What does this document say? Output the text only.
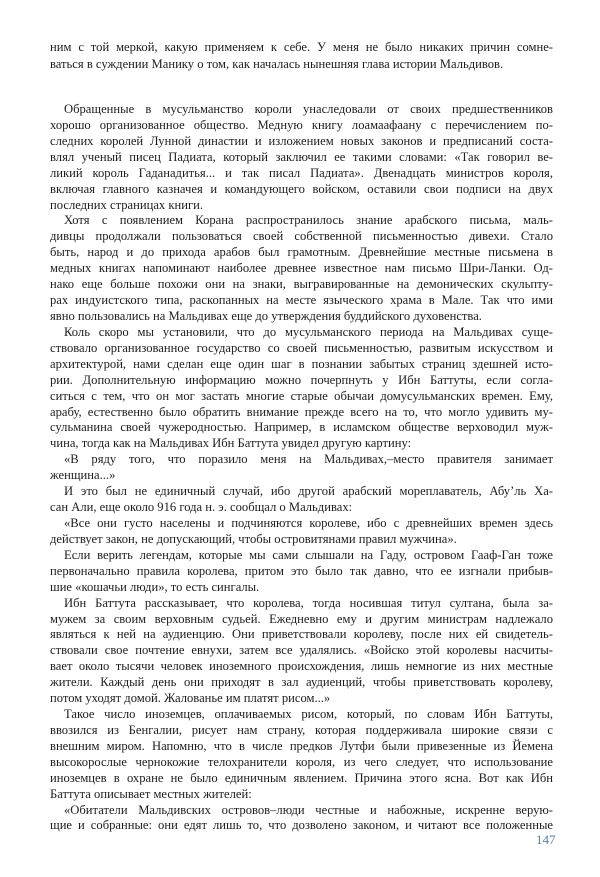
ним с той меркой, какую применяем к себе. У меня не было никаких причин сомне-
ваться в суждении Манику о том, как началась нынешняя глава истории Мальдивов.
Обращенные в мусульманство короли унаследовали от своих предшественников
хорошо организованное общество. Медную книгу лоамаафаану с перечислением по-
следних королей Лунной династии и изложением новых законов и предписаний соста-
влял ученый писец Падиата, который заключил ее такими словами: «Так говорил ве-
ликий король Гаданадитья... и так писал Падиата». Двенадцать министров короля,
включая главного казначея и командующего войском, оставили свои подписи на двух
последних страницах книги.
Хотя с появлением Корана распространилось знание арабского письма, маль-
дивцы продолжали пользоваться своей собственной письменностью дивехи. Стало
быть, народ и до прихода арабов был грамотным. Древнейшие местные письмена в
медных книгах напоминают наиболее древнее известное нам письмо Шри-Ланки. Од-
нако еще больше похожи они на знаки, выгравированные на демонических скульпту-
рах индуистского типа, раскопанных на месте языческого храма в Мале. Так что ими
явно пользовались на Мальдивах еще до утверждения буддийского духовенства.
Коль скоро мы установили, что до мусульманского периода на Мальдивах суще-
ствовало организованное государство со своей письменностью, развитым искусством и
архитектурой, нами сделан еще один шаг в познании забытых страниц здешней исто-
рии. Дополнительную информацию можно почерпнуть у Ибн Баттуты, если согла-
ситься с тем, что он мог застать многие старые обычаи домусульманских времен. Ему,
арабу, естественно было обратить внимание прежде всего на то, что могло удивить му-
сульманина своей чужеродностью. Например, в исламском обществе верховодил муж-
чина, тогда как на Мальдивах Ибн Баттута увидел другую картину:
«В ряду того, что поразило меня на Мальдивах,–место правителя занимает
женщина...»
И это был не единичный случай, ибо другой арабский мореплаватель, Абу’ль Ха-
сан Али, еще около 916 года н. э. сообщал о Мальдивах:
«Все они густо населены и подчиняются королеве, ибо с древнейших времен здесь
действует закон, не допускающий, чтобы островитянами правил мужчина».
Если верить легендам, которые мы сами слышали на Гаду, островом Гааф-Ган тоже
первоначально правила королева, притом это было так давно, что ее изгнали прибыв-
шие «кошачьи люди», то есть сингалы.
Ибн Баттута рассказывает, что королева, тогда носившая титул султана, была за-
мужем за своим верховным судьей. Ежедневно ему и другим министрам надлежало
являться к ней на аудиенцию. Они приветствовали королеву, после них ей свидетель-
ствовали свое почтение евнухи, затем все удалялись. «Войско этой королевы насчиты-
вает около тысячи человек иноземного происхождения, лишь немногие из них местные
жители. Каждый день они приходят в зал аудиенций, чтобы приветствовать королеву,
потом уходят домой. Жалованье им платят рисом...»
Такое число иноземцев, оплачиваемых рисом, который, по словам Ибн Баттуты,
ввозился из Бенгалии, рисует нам страну, которая поддерживала широкие связи с
внешним миром. Напомню, что в числе предков Лутфи были привезенные из Йемена
высокорослые чернокожие телохранители короля, из чего следует, что использование
иноземцев в охране не было единичным явлением. Причина этого ясна. Вот как Ибн
Баттута описывает местных жителей:
«Обитатели Мальдивских островов–люди честные и набожные, искренне верую-
щие и собранные: они едят лишь то, что дозволено законом, и читают все положенные
147
